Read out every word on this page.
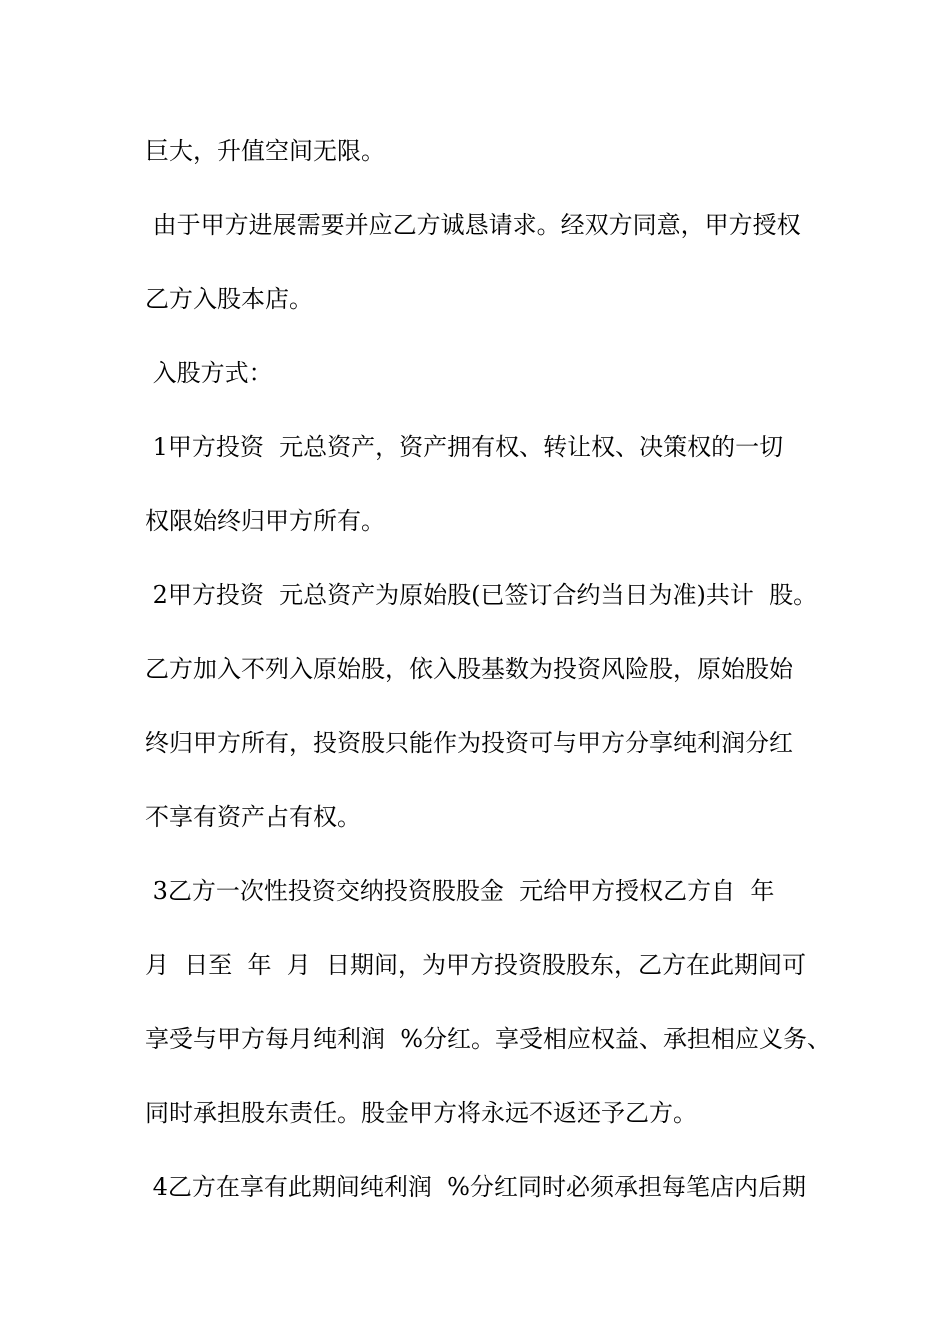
巨大，升值空间无限。
由于甲方进展需要并应乙方诚恳请求。经双方同意，甲方授权
乙方入股本店。
入股方式：
1甲方投资  元总资产，资产拥有权、转让权、决策权的一切
权限始终归甲方所有。
2甲方投资  元总资产为原始股(已签订合约当日为准)共计  股。
乙方加入不列入原始股，依入股基数为投资风险股，原始股始
终归甲方所有，投资股只能作为投资可与甲方分享纯利润分红
不享有资产占有权。
3乙方一次性投资交纳投资股股金  元给甲方授权乙方自  年
月  日至  年  月  日期间，为甲方投资股股东，乙方在此期间可
享受与甲方每月纯利润  %分红。享受相应权益、承担相应义务、
同时承担股东责任。股金甲方将永远不返还予乙方。
4乙方在享有此期间纯利润  %分红同时必须承担每笔店内后期
